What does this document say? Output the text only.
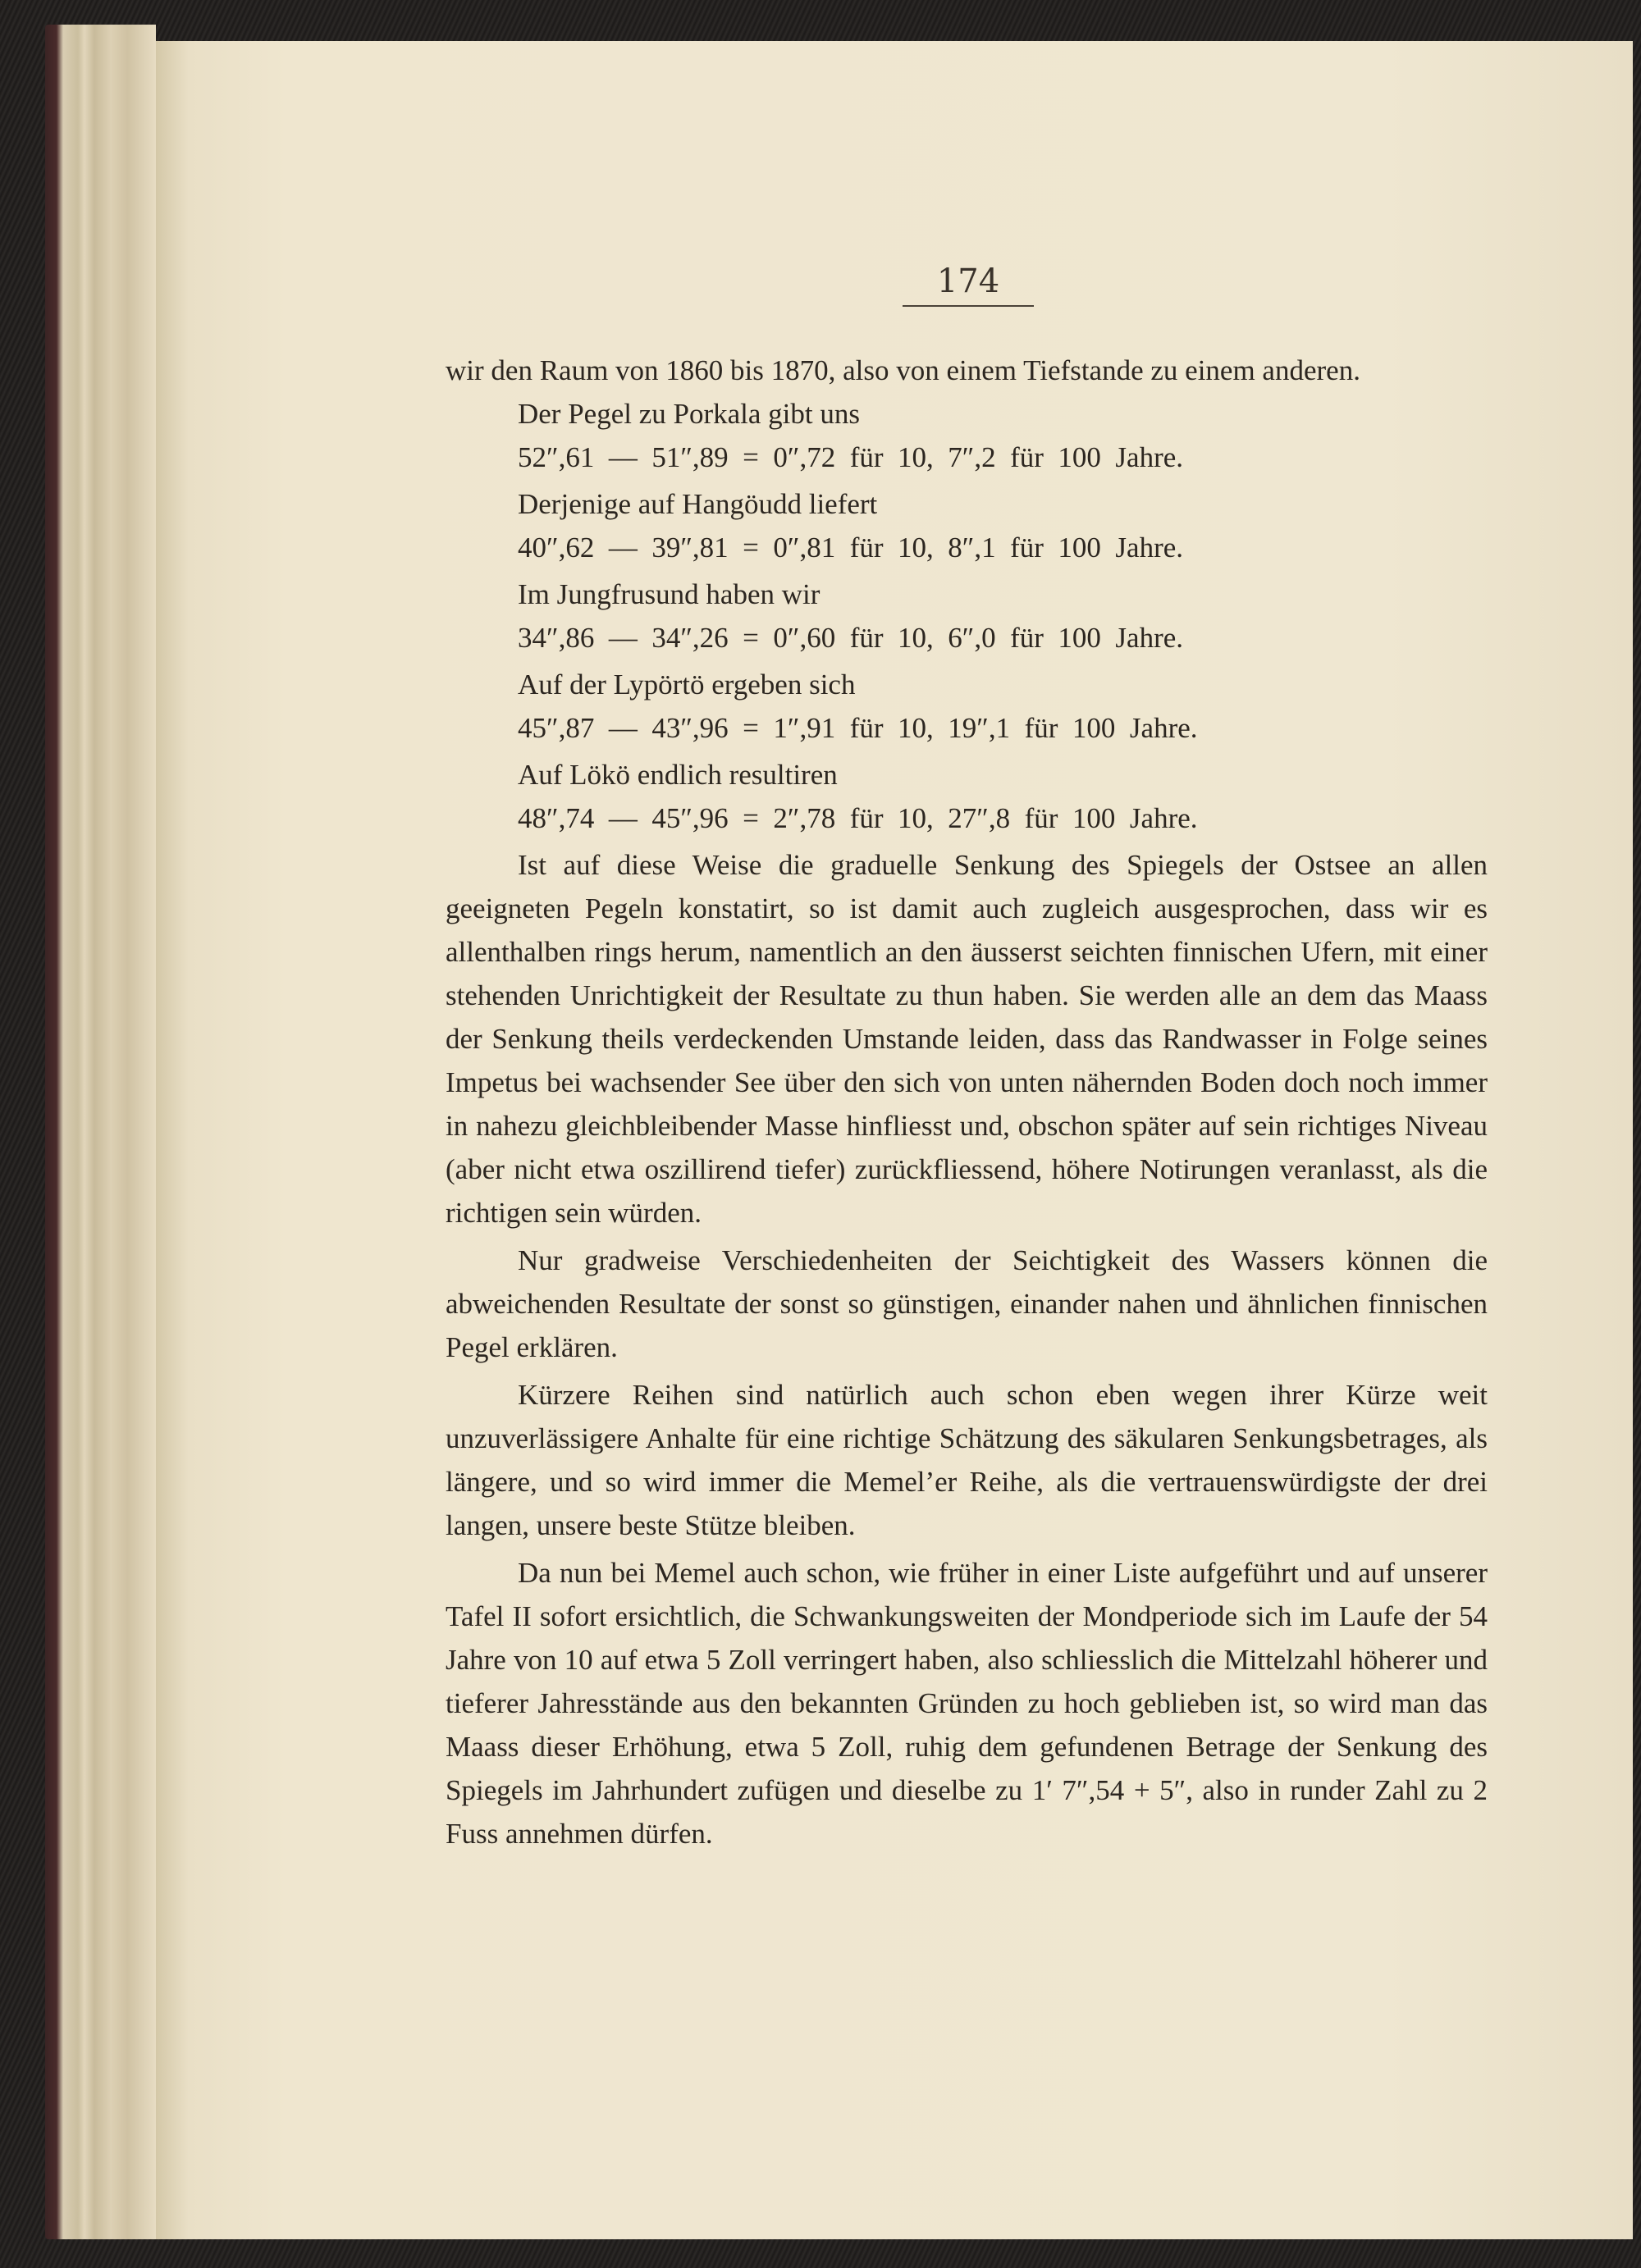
174

wir den Raum von 1860 bis 1870, also von einem Tiefstande zu einem anderen.

Der Pegel zu Porkala gibt uns
52″,61  —  51″,89  =  0″,72  für  10,  7″,2  für  100  Jahre.
Derjenige auf Hangöudd liefert
40″,62  —  39″,81  =  0″,81  für  10,  8″,1  für  100  Jahre.
Im Jungfrusund haben wir
34″,86  —  34″,26  =  0″,60  für  10,  6″,0  für  100  Jahre.
Auf der Lypörtö ergeben sich
45″,87  —  43″,96  =  1″,91  für  10,  19″,1  für  100  Jahre.
Auf Lökö endlich resultiren
48″,74  —  45″,96  =  2″,78  für  10,  27″,8  für  100  Jahre.

Ist auf diese Weise die graduelle Senkung des Spiegels der Ostsee an allen geeigneten Pegeln konstatirt, so ist damit auch zugleich ausgesprochen, dass wir es allenthalben rings herum, namentlich an den äusserst seichten finnischen Ufern, mit einer stehenden Unrichtigkeit der Resultate zu thun haben. Sie werden alle an dem das Maass der Senkung theils verdeckenden Umstande leiden, dass das Randwasser in Folge seines Impetus bei wachsender See über den sich von unten nähernden Boden doch noch immer in nahezu gleichbleibender Masse hinfliesst und, obschon später auf sein richtiges Niveau (aber nicht etwa oszillirend tiefer) zurückfliessend, höhere Notirungen veranlasst, als die richtigen sein würden.

Nur gradweise Verschiedenheiten der Seichtigkeit des Wassers können die abweichenden Resultate der sonst so günstigen, einander nahen und ähnlichen finnischen Pegel erklären.

Kürzere Reihen sind natürlich auch schon eben wegen ihrer Kürze weit unzuverlässigere Anhalte für eine richtige Schätzung des säkularen Senkungsbetrages, als längere, und so wird immer die Memel’er Reihe, als die vertrauenswürdigste der drei langen, unsere beste Stütze bleiben.

Da nun bei Memel auch schon, wie früher in einer Liste aufgeführt und auf unserer Tafel II sofort ersichtlich, die Schwankungsweiten der Mondperiode sich im Laufe der 54 Jahre von 10 auf etwa 5 Zoll verringert haben, also schliesslich die Mittelzahl höherer und tieferer Jahresstände aus den bekannten Gründen zu hoch geblieben ist, so wird man das Maass dieser Erhöhung, etwa 5 Zoll, ruhig dem gefundenen Betrage der Senkung des Spiegels im Jahrhundert zufügen und dieselbe zu 1′ 7″,54 + 5″, also in runder Zahl zu 2 Fuss annehmen dürfen.
